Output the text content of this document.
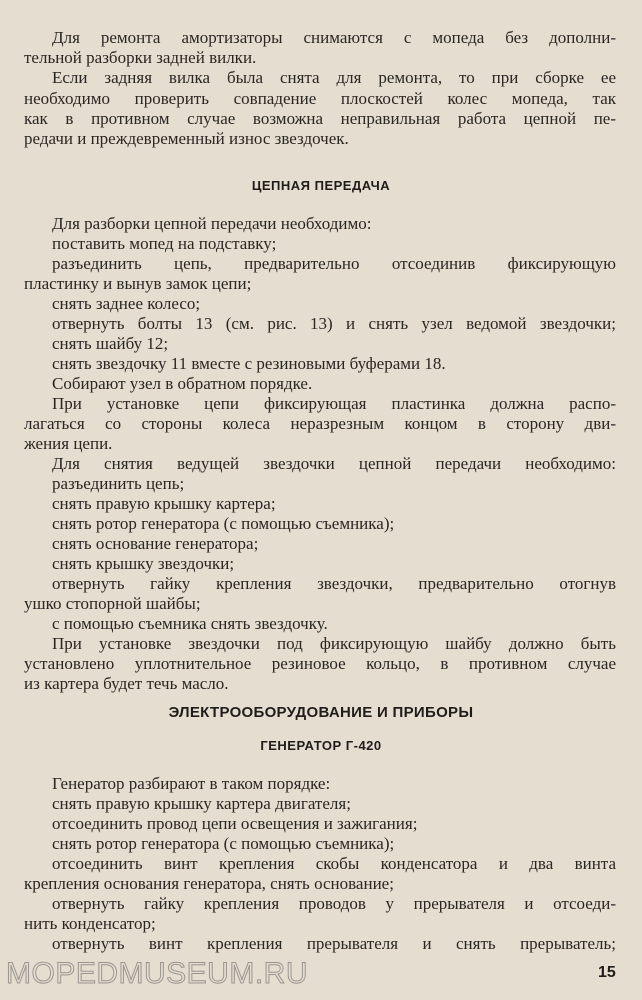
Для ремонта амортизаторы снимаются с мопеда без дополни-

тельной разборки задней вилки.

Если задняя вилка была снята для ремонта, то при сборке ее

необходимо проверить совпадение плоскостей колес мопеда, так

как в противном случае возможна неправильная работа цепной пе-

редачи и преждевременный износ звездочек.

ЦЕПНАЯ ПЕРЕДАЧА

Для разборки цепной передачи необходимо:

поставить мопед на подставку;

разъединить цепь, предварительно отсоединив фиксирующую

пластинку и вынув замок цепи;

снять заднее колесо;

отвернуть болты 13 (см. рис. 13) и снять узел ведомой звездочки;

снять шайбу 12;

снять звездочку 11 вместе с резиновыми буферами 18.

Собирают узел в обратном порядке.

При установке цепи фиксирующая пластинка должна распо-

лагаться со стороны колеса неразрезным концом в сторону дви-

жения цепи.

Для снятия ведущей звездочки цепной передачи необходимо:

разъединить цепь;

снять правую крышку картера;

снять ротор генератора (с помощью съемника);

снять основание генератора;

снять крышку звездочки;

отвернуть гайку крепления звездочки, предварительно отогнув

ушко стопорной шайбы;

с помощью съемника снять звездочку.

При установке звездочки под фиксирующую шайбу должно быть

установлено уплотнительное резиновое кольцо, в противном случае

из картера будет течь масло.

ЭЛЕКТРООБОРУДОВАНИЕ И ПРИБОРЫ
ГЕНЕРАТОР Г-420

Генератор разбирают в таком порядке:

снять правую крышку картера двигателя;

отсоединить провод цепи освещения и зажигания;

снять ротор генератора (с помощью съемника);

отсоединить винт крепления скобы конденсатора и два винта

крепления основания генератора, снять основание;

отвернуть гайку крепления проводов у прерывателя и отсоеди-

нить конденсатор;

отвернуть винт крепления прерывателя и снять прерыватель;

MOPEDMUSEUM.RU	15
